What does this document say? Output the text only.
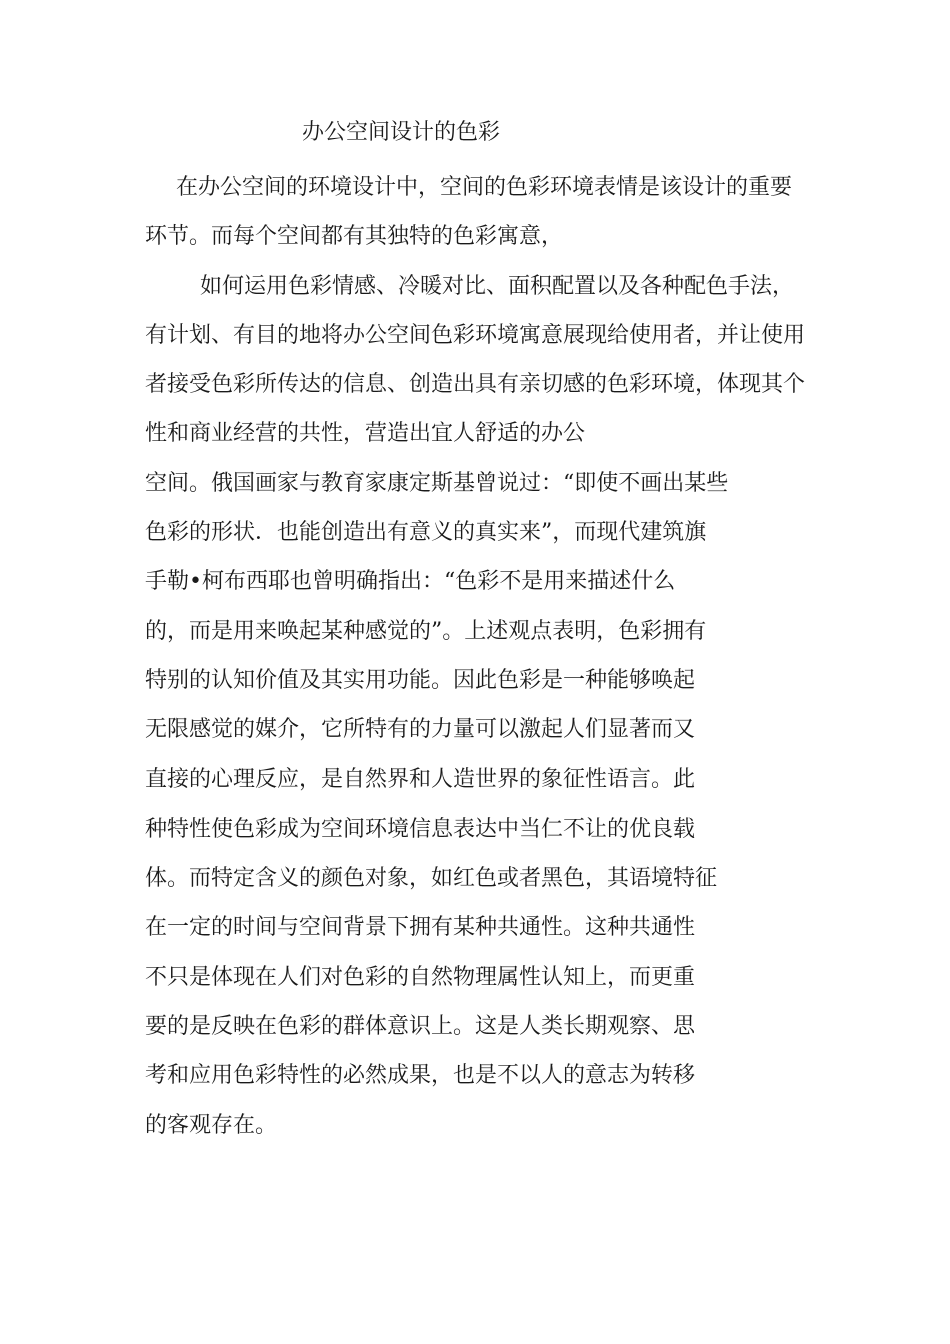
办公空间设计的色彩
在办公空间的环境设计中，空间的色彩环境表情是该设计的重要
环节。而每个空间都有其独特的色彩寓意，
如何运用色彩情感、冷暖对比、面积配置以及各种配色手法，
有计划、有目的地将办公空间色彩环境寓意展现给使用者，并让使用
者接受色彩所传达的信息、创造出具有亲切感的色彩环境，体现其个
性和商业经营的共性，营造出宜人舒适的办公
空间。俄国画家与教育家康定斯基曾说过：“即使不画出某些
色彩的形状．也能创造出有意义的真实来”，而现代建筑旗
手勒•柯布西耶也曾明确指出：“色彩不是用来描述什么
的，而是用来唤起某种感觉的”。上述观点表明，色彩拥有
特别的认知价值及其实用功能。因此色彩是一种能够唤起
无限感觉的媒介，它所特有的力量可以激起人们显著而又
直接的心理反应，是自然界和人造世界的象征性语言。此
种特性使色彩成为空间环境信息表达中当仁不让的优良载
体。而特定含义的颜色对象，如红色或者黑色，其语境特征
在一定的时间与空间背景下拥有某种共通性。这种共通性
不只是体现在人们对色彩的自然物理属性认知上，而更重
要的是反映在色彩的群体意识上。这是人类长期观察、思
考和应用色彩特性的必然成果，也是不以人的意志为转移
的客观存在。
